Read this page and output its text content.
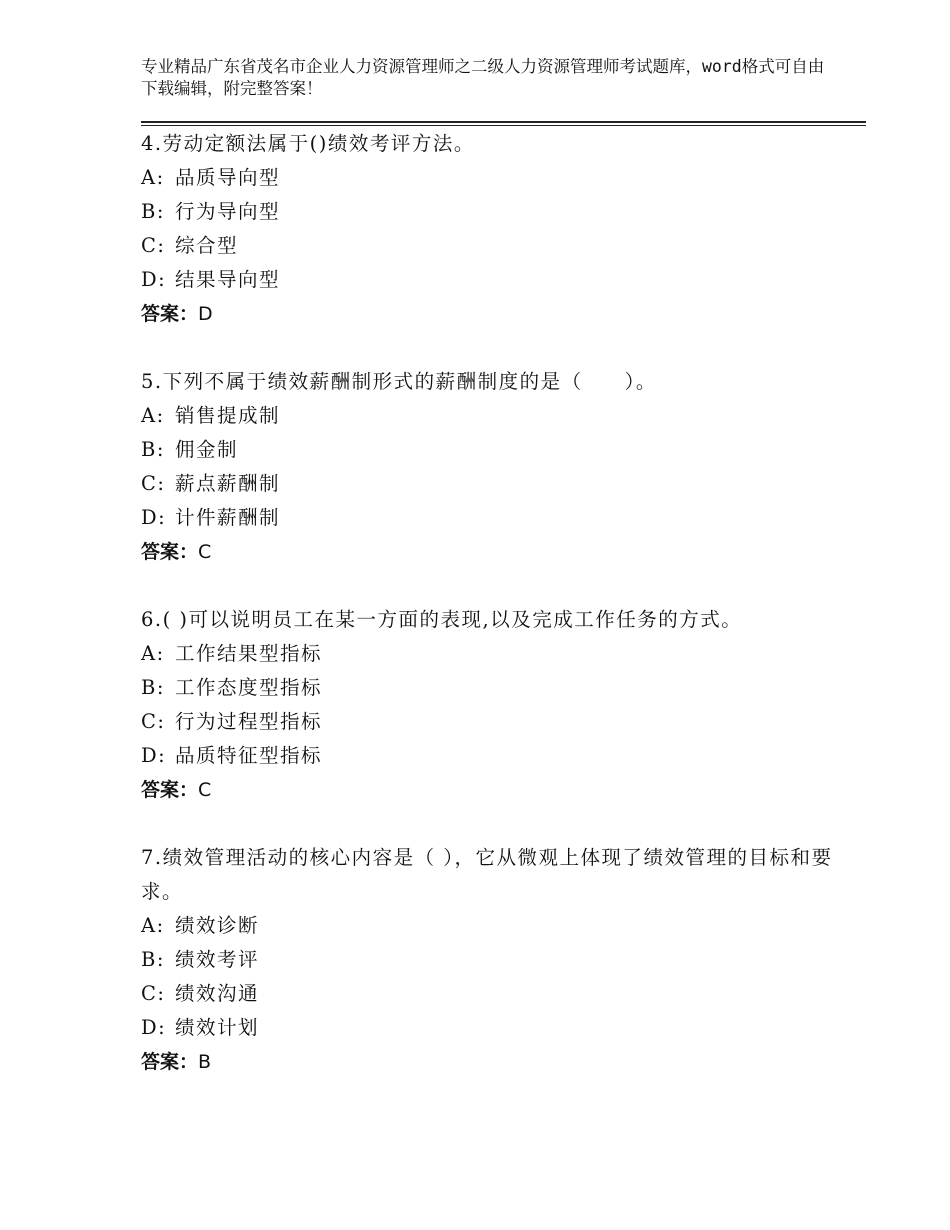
专业精品广东省茂名市企业人力资源管理师之二级人力资源管理师考试题库，word格式可自由下载编辑，附完整答案！
4.劳动定额法属于()绩效考评方法。
A: 品质导向型
B: 行为导向型
C: 综合型
D: 结果导向型
答案：D
5.下列不属于绩效薪酬制形式的薪酬制度的是（　　）。
A: 销售提成制
B: 佣金制
C: 薪点薪酬制
D: 计件薪酬制
答案：C
6.( )可以说明员工在某一方面的表现,以及完成工作任务的方式。
A: 工作结果型指标
B: 工作态度型指标
C: 行为过程型指标
D: 品质特征型指标
答案：C
7.绩效管理活动的核心内容是（ ），它从微观上体现了绩效管理的目标和要求。
A: 绩效诊断
B: 绩效考评
C: 绩效沟通
D: 绩效计划
答案：B
